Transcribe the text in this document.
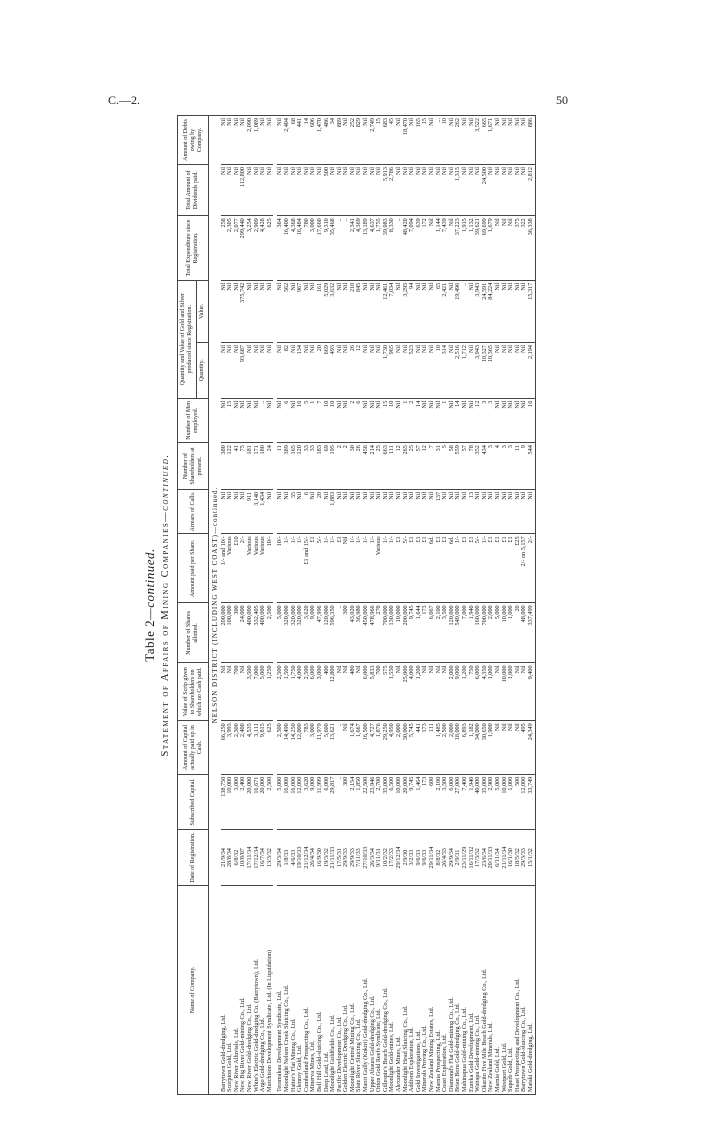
C.—2.	50
Table 2—continued. Statement of Affairs of Mining Companies—continued.
Name of Company.	Date of Registration.	Subscribed Capital.	Amount of Capital actually paid up in Cash.	Value of Scrip given to Shareholders on which no Cash paid.	Number of Shares allotted.	Amount paid per Share.	Arrears of Calls.	Number of Shareholders at present.	Number of Men employed.	Quantity and Value of Gold and Silver produced since Registration.		Total Expenditure since Registration.	Total Amount of Dividends paid.	Amount of Debts owing by Company.
										Quantity.	Value.			
NELSON DISTRICT (INCLUDING WEST COAST)—continued.														
Barrytown Gold-dredging, Ltd.	21/9/34	138,750	66,250	Nil	200,000	1/- and 10/-	Nil	380	Nil	Nil	Nil	258	Nil	Nil
Scorpion Gold, Ltd.	28/8/34	10,000	3,993	Nil	100,000	Various	Nil	122	15	Nil	Nil	2,305	Nil	Nil
New River Alluvials, Ltd.	6/8/32	3,000	2,300	700	300	£10	Nil	41	Nil	Nil	Nil	2,077	Nil	Nil
New Big River Gold-mining Co., Ltd.	10/8/07	2,400	2,400	Nil	24,000	2/-	Nil	75	Nil	93,687	375,742	299,440	112,800	Nil
New River Gold-dredging Co., Ltd.	17/11/34	20,000	4,535	3,500	400,000	Various	911	181	Nil	Nil	Nil	3,254	Nil	2,090
White's Electric Gold-dredging Co. (Barrytown), Ltd.	17/12/34	16,671	3,111	7,000	332,405	Various	3,140	171	Nil	Nil	Nil	2,909	Nil	1,089
Argo Gold-dredging Co., Ltd.	16/7/34	20,000	9,815	5,000	400,000	Various	1,434	180	..	Nil	Nil	4,428	Nil	Nil
Murchison Development Syndicate, Ltd. (In Liquidation)	13/3/32	2,500	625	1,250	2,500	10/-	Nil	24	Nil	Nil	Nil	625	Nil	Nil

Teramakau Development Syndicate, Ltd.	29/3/34	5,000	2,500	2,500	5,000	10/-	Nil	11	Nil	Nil	Nil	364	Nil	Nil
Moonlight Nelson Creek Sluicing Co., Ltd.	1/8/33	16,000	14,490	1,500	320,000	1/-	Nil	389	6	82	562	16,400	Nil	2,404
Hatter's Flat Mining Co., Ltd.	4/6/33	16,000	14,250	1,750	320,000	1/-	35	165	Nil	Nil	Nil	4,368	Nil	68
Glenroy Gold, Ltd.	19/10/33	12,000	12,000	4,000	320,000	1/-	Nil	120	16	134	967	16,484	Nil	441
Cumberland Prospecting Co., Ltd.	21/12/34	3,620	783	2,500	3,620	£1 and 15/-	6	33	5	Nil	Nil	780	Nil	14
Minerva Mines, Ltd.	26/4/34	9,000	3,000	6,000	9,000	£1	Nil	33	1	Nil	Nil	3,000	Nil	606
Bell Hill Gold-sluicing Co., Ltd.	16/9/30	11,999	11,979	3,000	47,996	5/-	20	183	7	20	161	17,660	Nil	1,470
Deep Lead, Ltd.	19/3/32	6,000	5,600	400	120,000	1/-	Nil	69	10	669	5,029	9,310	500	486
Moonlight Goldfields Co., Ltd.	21/11/33	29,817	13,621	12,800	596,350	1/-	1,883	195	10	493	3,632	35,468	Nil	34
Pacific Development Co., Ltd.	17/5/31	..	..	Nil	..	£1	Nil	2	Nil	Nil	Nil	..	Nil	889
Golden Electric Dredging Co., Ltd.	29/9/33	300	Nil	Nil	300	Nil	Nil	2	Nil	Nil	Nil	..	Nil	Nil
Moonlight Central Mining Co., Ltd.	29/9/33	2,154	1,674	480	43,020	1/-	Nil	30	2	26	210	2,341	Nil	252
Slate River Sluicing Co., Ltd.	7/11/33	1,850	1,667	Nil	36,980	1/-	Nil	26	6	12	845	4,369	Nil	829
Maori Gully (Kokiri) Gold-dredging Co., Ltd.	27/10/33	22,500	16,500	6,000	450,000	1/-	Nil	456	Nil	Nil	Nil	13,189	Nil	Nil
Upper Ahaura Gold-dredging Co., Ltd.	26/3/34	23,946	4,727	5,833	478,966	1/-	Nil	214	Nil	Nil	Nil	4,637	Nil	2,749
Orion Gold Reefs Syndicate, Ltd.	9/11/31	2,700	1,876	700	270	Various	Nil	25	Nil	Nil	Nil	1,755	Nil	15
Gillespie's Beach Gold-dredging Co., Ltd.	10/2/32	35,000	29,250	575	700,000	1/-	Nil	663	15	1,730	12,461	39,083	5,913	683
Moonlight Gold-mines, Ltd.	17/2/33	6,500	4,950	1,550	130,000	1/-	Nil	111	10	965	7,034	8,330	2,786	45
Alexander Mines, Ltd.	29/12/34	10,000	2,000	Nil	10,000	£1	Nil	12	Nil	Nil	Nil	..	Nil	Nil
Moonlight Head Sluicing Co., Ltd.	2/9/30	20,000	30,000	25,000	200,000	5/-	Nil	265	1	Nil	3,295	48,420	Nil	18,470
Addison Exploration, Ltd.	3/2/33	9,745	5,745	4,000	9,745	£1	Nil	25	2	523	94	7,094	Nil	Nil
Gold Investigations, Ltd.	9/6/33	1,464	441	1,200	1,644	£1	Nil	57	14	Nil	Nil	639	Nil	165
Minerals Proving Co., Ltd.	9/6/33	173	173	Nil	173	£1	Nil	12	Nil	Nil	Nil	172	Nil	15
New Zealand Mining Estates, Ltd.	29/11/34	600	111	Nil	6,067	6d.	Nil	7	Nil	Nil	Nil	Nil	Nil	Nil
Marnia Prospecting, Ltd.	8/8/32	2,100	1,485	Nil	2,100	£1	137	31	Nil	10	65	1,144	Nil	...
Coast Exploration, Ltd.	26/4/33	3,500	2,500	Nil	3,500	£1	Nil	5	1	314	2,421	7,439	Nil	10
Diamond's Flat Gold-mining Co., Ltd.	29/9/34	6,000	2,000	2,000	120,000	6d.	Nil	58	Nil	Nil	Nil	Nil	Nil	Nil
Brian Boru Gold-dredging Co., Ltd.	2/9/31	27,000	18,000	9,000	540,000	1/-	Nil	559	14	2,516	19,496	37,223	1,315	262
Mahinapua Gold-mining Co., Ltd.	23/11/29	7,400	6,893	1,200	7,000	£1	Nil	57	Nil	1,712	..	1,915	Nil	Nil
Eureka Gold Development, Ltd.	16/11/32	1,940	1,182	750	1,940	£1	13	78	Nil	Nil	Nil	1,132	Nil	Nil
Waitapu Gold-mining Co., Ltd.	17/3/32	40,000	34,000	6,000	160,000	5/-	Nil	352	12	3,943	3,943	39,621	Nil	3,522
Okarito Five Mile Beach Gold-dredging Co., Ltd.	23/6/34	35,000	30,650	4,350	700,000	1/-	Nil	434	3	10,327	24,591	69,699	24,500	665
New Zealand Minerals, Ltd.	20/11/33	2,900	1,900	1,000	2,000	£1	Nil	3	3	10,365	84,224	1,679	Nil	1,671
Marnia Gold, Ltd.	6/11/34	5,000	Nil	Nil	5,000	£1	Nil	4	Nil	Nil	Nil	Nil	Nil	Nil
Westport Gold, Ltd.	21/11/34	10,000	Nil	10,000	10,000	£1	Nil	3	Nil	Nil	Nil	Nil	Nil	Nil
Superb Gold, Ltd.	16/1/30	1,000	Nil	1,000	1,000	£1	Nil	3	Nil	Nil	Nil	Nil	Nil	Nil
Haast Prospecting and Development Co., Ltd.	18/5/32	500	Nil	Nil	20	£25	Nil	11	Nil	Nil	Nil	375	Nil	Nil
Barrytown Gold-sluicing Co., Ltd.	29/3/33	12,000	495	Nil	48,000	2/- on 5,157	Nil	9	Nil	Nil	Nil	322	Nil	Nil
Mataki Gold-dredging, Ltd.	15/1/32	33,749	24,349	9,400	337,499	2/-	Nil	544	16	2,194	15,317	36,338	2,812	886
